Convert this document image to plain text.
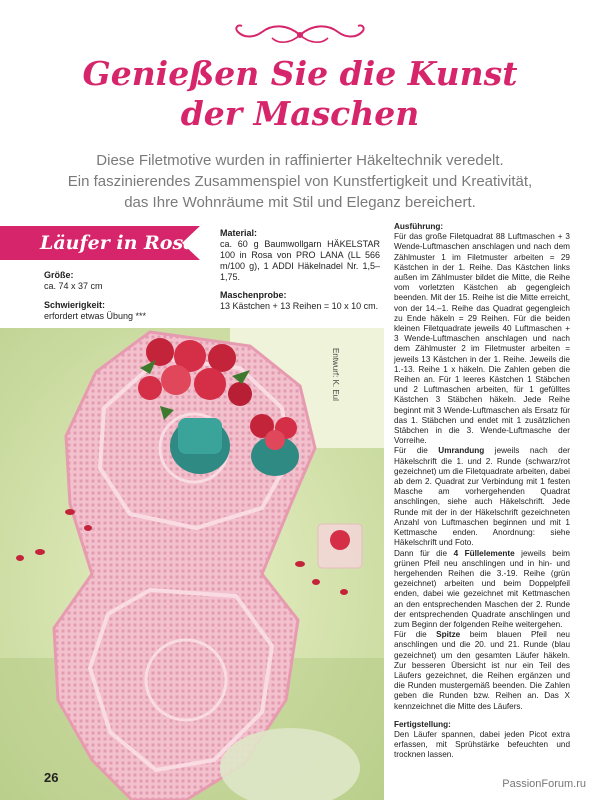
Genießen Sie die Kunst
der Maschen
Diese Filetmotive wurden in raffinierter Häkeltechnik veredelt.
Ein faszinierendes Zusammenspiel von Kunstfertigkeit und Kreativität,
das Ihre Wohnräume mit Stil und Eleganz bereichert.
Läufer in Rosa
Größe:
ca. 74 x 37 cm
Schwierigkeit:
erfordert etwas Übung ***
Material:
ca. 60 g Baumwollgarn HÄKELSTAR 100 in Rosa von PRO LANA (LL 566 m/100 g), 1 ADDI Häkelnadel Nr. 1,5–1,75.
Maschenprobe:
13 Kästchen + 13 Reihen = 10 x 10 cm.
Ausführung:
Für das große Filetquadrat 88 Luftmaschen + 3 Wende-Luftmaschen anschlagen und nach dem Zählmuster 1 im Filetmuster arbeiten = 29 Kästchen in der 1. Reihe. Das Kästchen links außen im Zählmuster bildet die Mitte, die Reihe vom vorletzten Kästchen ab gegengleich beenden. Mit der 15. Reihe ist die Mitte erreicht, von der 14.–1. Reihe das Quadrat gegengleich zu Ende häkeln = 29 Reihen. Für die beiden kleinen Filetquadrate jeweils 40 Luftmaschen + 3 Wende-Luftmaschen anschlagen und nach dem Zählmuster 2 im Filetmuster arbeiten = jeweils 13 Kästchen in der 1. Reihe. Jeweils die 1.-13. Reihe 1 x häkeln. Die Zahlen geben die Reihen an. Für 1 leeres Kästchen 1 Stäbchen und 2 Luftmaschen arbeiten, für 1 gefülltes Kästchen 3 Stäbchen häkeln. Jede Reihe beginnt mit 3 Wende-Luftmaschen als Ersatz für das 1. Stäbchen und endet mit 1 zusätzlichen Stäbchen in die 3. Wende-Luftmasche der Vorreihe.
Für die Umrandung jeweils nach der Häkelschrift die 1. und 2. Runde (schwarz/rot gezeichnet) um die Filetquadrate arbeiten, dabei ab dem 2. Quadrat zur Verbindung mit 1 festen Masche am vorhergehenden Quadrat anschlingen, siehe auch Häkelschrift. Jede Runde mit der in der Häkelschrift gezeichneten Anzahl von Luftmaschen beginnen und mit 1 Kettmasche enden. Anordnung: siehe Häkelschrift und Foto.
Dann für die 4 Füllelemente jeweils beim grünen Pfeil neu anschlingen und in hin- und hergehenden Reihen die 3.-19. Reihe (grün gezeichnet) arbeiten und beim Doppelpfeil enden, dabei wie gezeichnet mit Kettmaschen an den entsprechenden Maschen der 2. Runde der entsprechenden Quadrate anschlingen und zum Beginn der folgenden Reihe weitergehen.
Für die Spitze beim blauen Pfeil neu anschlingen und die 20. und 21. Runde (blau gezeichnet) um den gesamten Läufer häkeln. Zur besseren Übersicht ist nur ein Teil des Läufers gezeichnet, die Reihen ergänzen und die Runden mustergemäß beenden. Die Zahlen geben die Runden bzw. Reihen an. Das X kennzeichnet die Mitte des Läufers.
Fertigstellung:
Den Läufer spannen, dabei jeden Picot extra erfassen, mit Sprühstärke befeuchten und trocknen lassen.
Entwurf: K. Eul
26	PassionForum.ru
